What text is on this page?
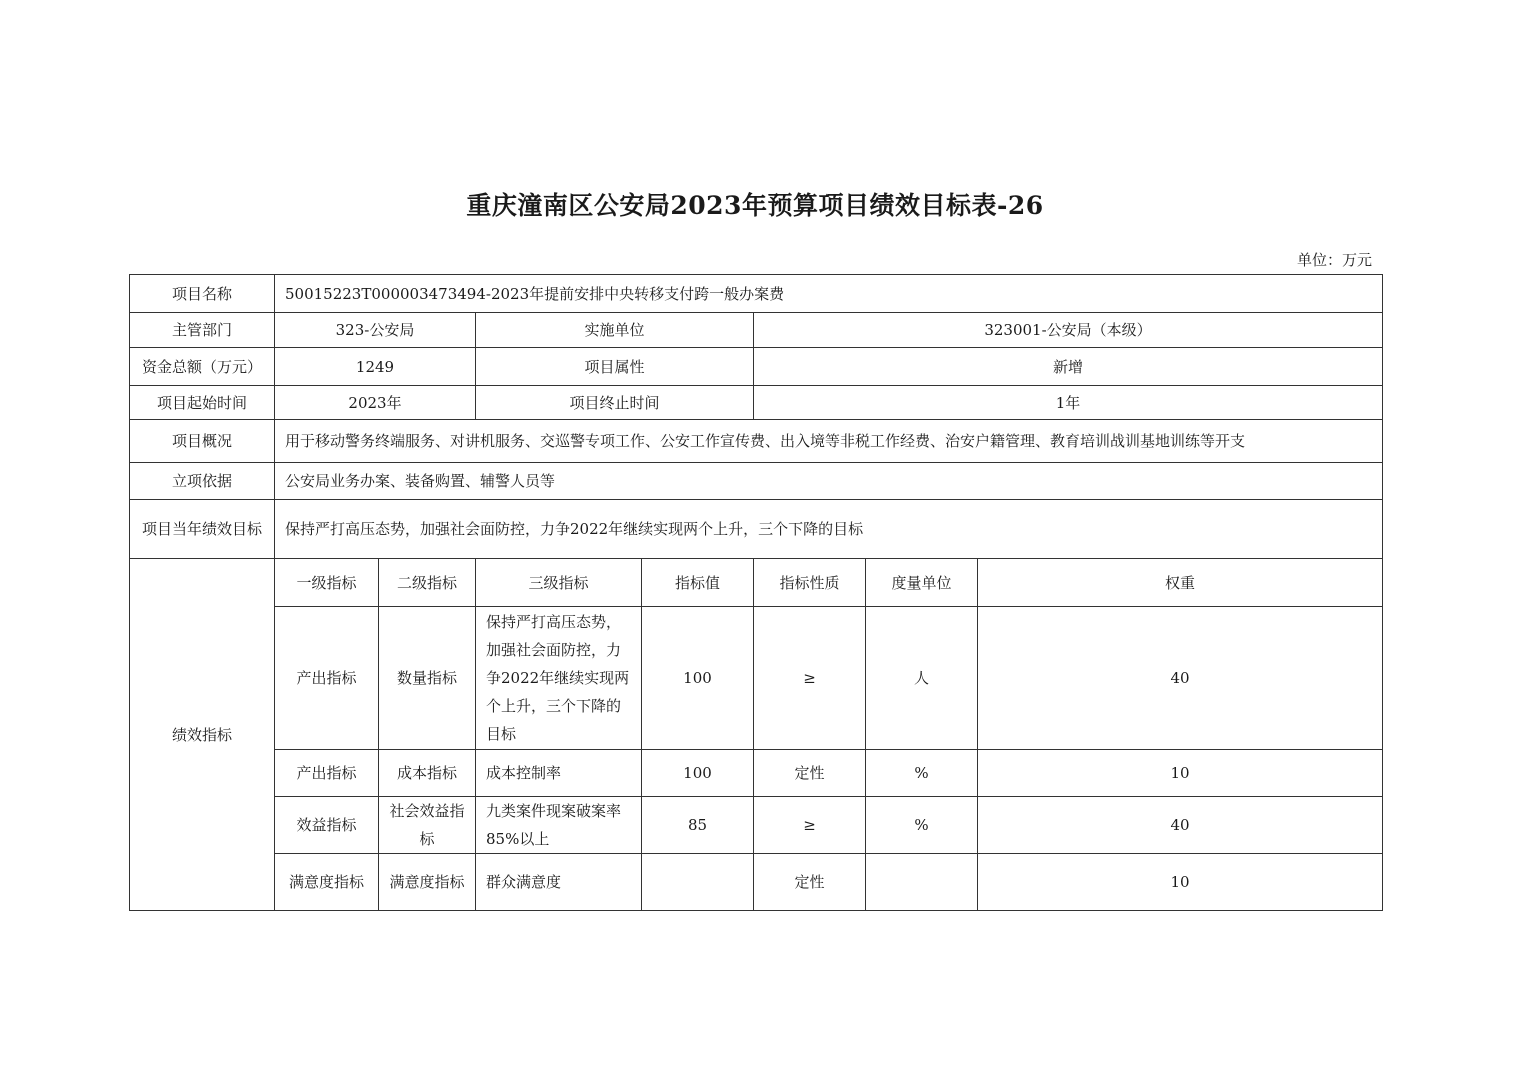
重庆潼南区公安局2023年预算项目绩效目标表-26
单位：万元
项目名称	50015223T000003473494-2023年提前安排中央转移支付跨一般办案费						
主管部门	323-公安局		实施单位		323001-公安局（本级）		
资金总额（万元）	1249		项目属性		新增		
项目起始时间	2023年		项目终止时间		1年		
项目概况	用于移动警务终端服务、对讲机服务、交巡警专项工作、公安工作宣传费、出入境等非税工作经费、治安户籍管理、教育培训战训基地训练等开支						
立项依据	公安局业务办案、装备购置、辅警人员等						
项目当年绩效目标	保持严打高压态势，加强社会面防控，力争2022年继续实现两个上升，三个下降的目标						
绩效指标	一级指标	二级指标	三级指标	指标值	指标性质	度量单位	权重
	产出指标	数量指标	保持严打高压态势，加强社会面防控，力争2022年继续实现两个上升，三个下降的目标	100	≥	人	40
	产出指标	成本指标	成本控制率	100	定性	%	10
	效益指标	社会效益指标	九类案件现案破案率85%以上	85	≥	%	40
	满意度指标	满意度指标	群众满意度		定性		10
